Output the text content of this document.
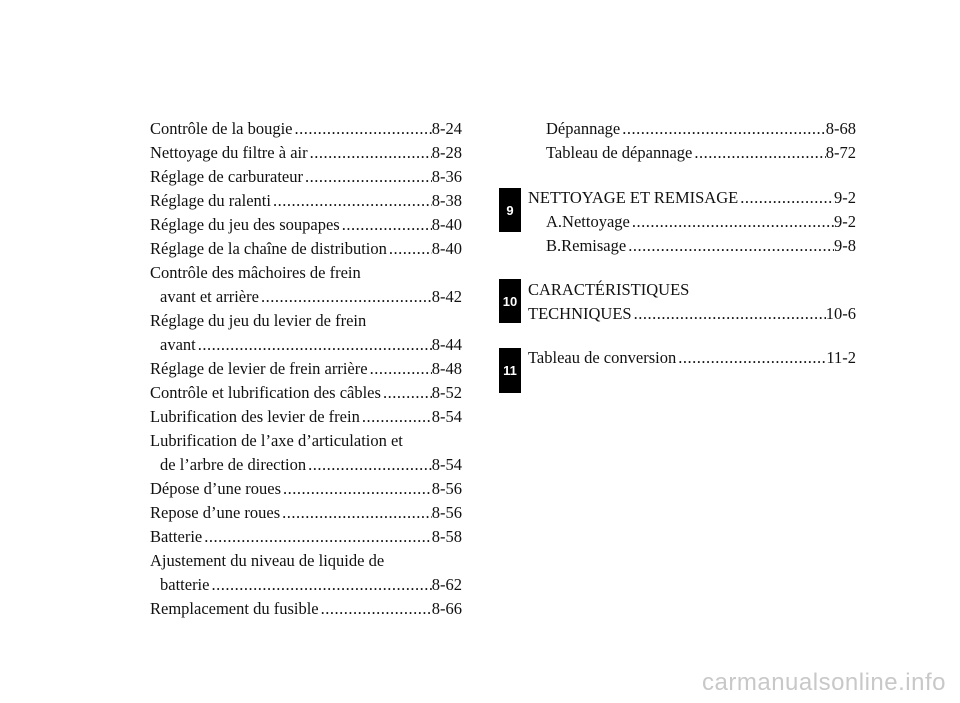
Contrôle de la bougie .....	8-24
Nettoyage du filtre à air .....	8-28
Réglage de carburateur .....	8-36
Réglage du ralenti .....	8-38
Réglage du jeu des soupapes .....	8-40
Réglage de la chaîne de distribution .....	8-40
Contrôle des mâchoires de frein
avant et arrière .....	8-42
Réglage du jeu du levier de frein
avant .....	8-44
Réglage de levier de frein arrière .....	8-48
Contrôle et lubrification des câbles .....	8-52
Lubrification des levier de frein .....	8-54
Lubrification de l’axe d’articulation et
de l’arbre de direction .....	8-54
Dépose d’une roues .....	8-56
Repose d’une roues .....	8-56
Batterie .....	8-58
Ajustement du niveau de liquide de
batterie .....	8-62
Remplacement du fusible .....	8-66
Dépannage .....	8-68
Tableau de dépannage .....	8-72
9
NETTOYAGE ET REMISAGE .....	9-2
A.Nettoyage .....	9-2
B.Remisage .....	9-8
10
CARACTÉRISTIQUES
TECHNIQUES .....	10-6
11
Tableau de conversion .....	11-2
carmanualsonline.info
